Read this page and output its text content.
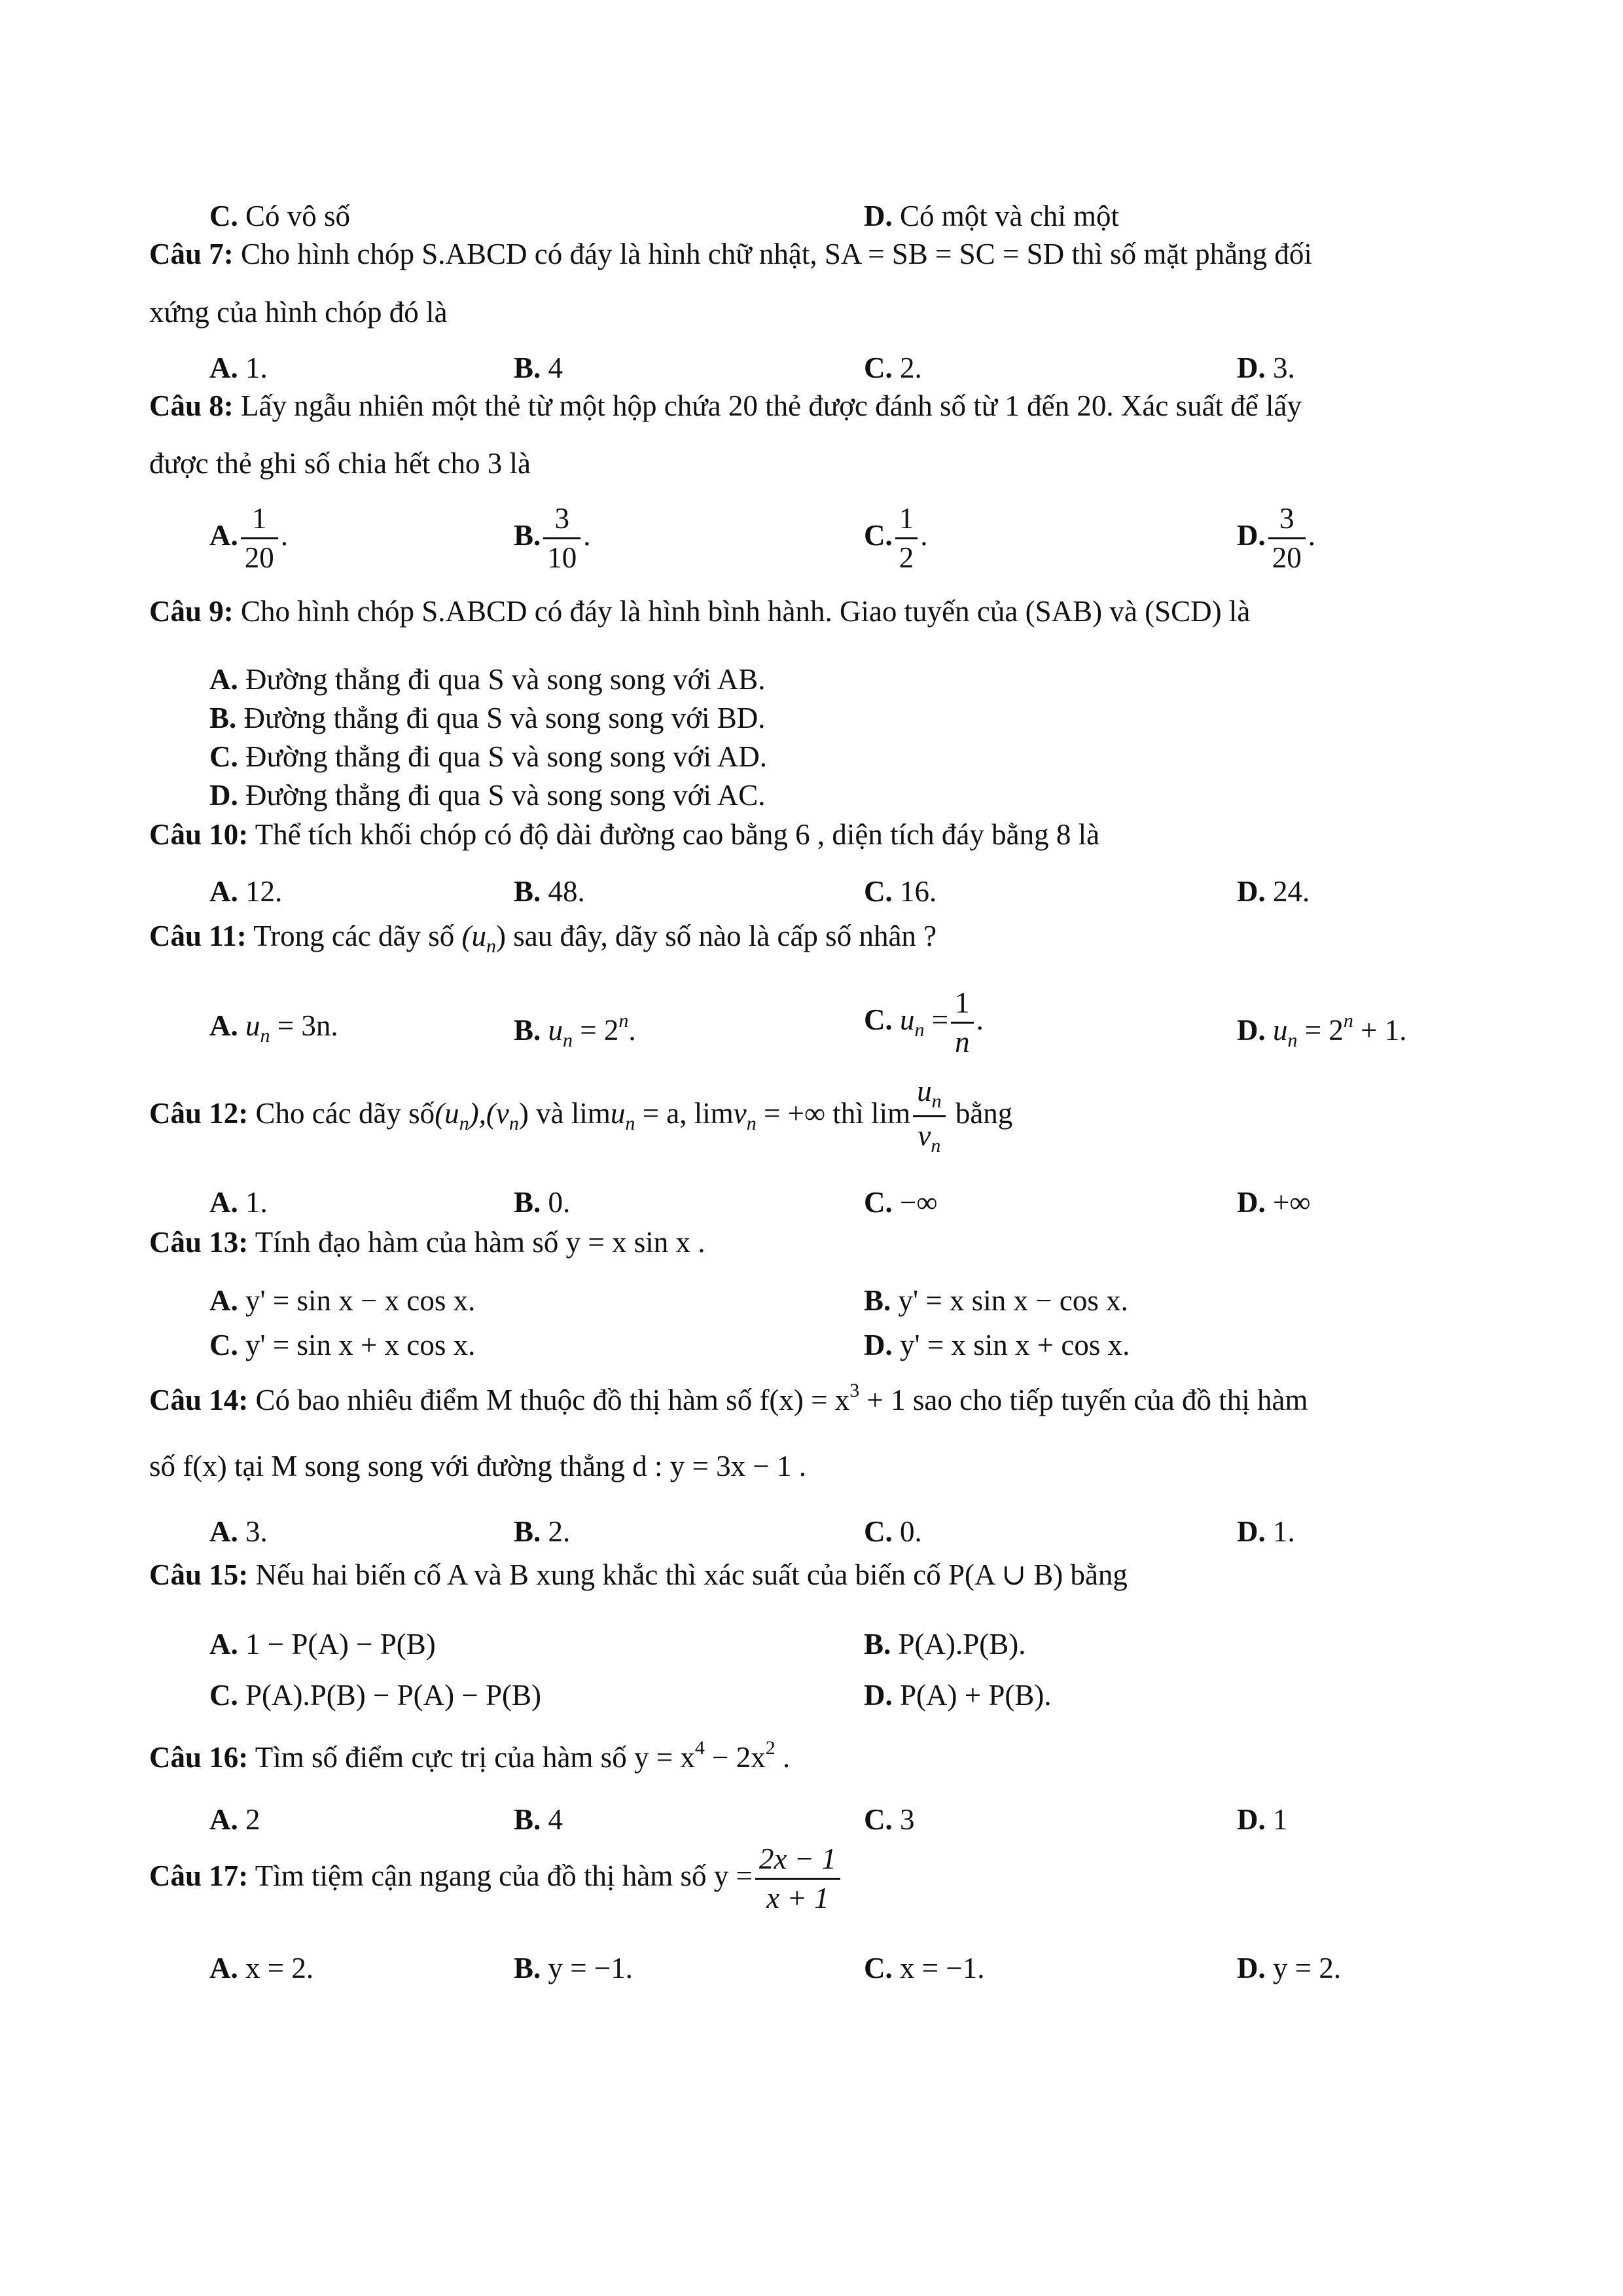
C. Có vô số	D. Có một và chỉ một
Câu 7: Cho hình chóp S.ABCD có đáy là hình chữ nhật, SA = SB = SC = SD thì số mặt phẳng đối
xứng của hình chóp đó là
A. 1.	B. 4	C. 2.	D. 3.
Câu 8: Lấy ngẫu nhiên một thẻ từ một hộp chứa 20 thẻ được đánh số từ 1 đến 20. Xác suất để lấy
được thẻ ghi số chia hết cho 3 là
A. $\frac{1}{20}$ .	B. $\frac{3}{10}$ .	C. $\frac{1}{2}$ .	D. $\frac{3}{20}$ .
Câu 9: Cho hình chóp S.ABCD có đáy là hình bình hành. Giao tuyến của (SAB) và (SCD) là
A. Đường thẳng đi qua S và song song với AB.
B. Đường thẳng đi qua S và song song với BD.
C. Đường thẳng đi qua S và song song với AD.
D. Đường thẳng đi qua S và song song với AC.
Câu 10: Thể tích khối chóp có độ dài đường cao bằng 6 , diện tích đáy bằng 8 là
A. 12.	B. 48.	C. 16.	D. 24.
Câu 11: Trong các dãy số $(u_n)$ sau đây, dãy số nào là cấp số nhân ?
A. $u_n = 3n$.	B. $u_n = 2^n$.	C. $u_n = \frac{1}{n}$ .	D. $u_n = 2^n + 1$.
Câu 12: Cho các dãy $số(u_n),(v_n)$ và limu$_n$ = a, limv$_n$ = +∞ thì $\lim \frac{u_n}{v_n}$ bằng
A. 1.	B. 0.	C. −∞	D. +∞
Câu 13: Tính đạo hàm của hàm số y = x sin x .
A. y' = sin x − x cos x.	B. y' = x sin x − cos x.
C. y' = sin x + x cos x.	D. y' = x sin x + cos x.
Câu 14: Có bao nhiêu điểm M thuộc đồ thị hàm số $f(x) = x^3 + 1$ sao cho tiếp tuyến của đồ thị hàm
số f(x) tại M song song với đường thẳng d : y = 3x − 1 .
A. 3.	B. 2.	C. 0.	D. 1.
Câu 15: Nếu hai biến cố A và B xung khắc thì xác suất của biến cố P(A ∪ B) bằng
A. 1 − P(A) − P(B)	B. P(A).P(B).
C. P(A).P(B) − P(A) − P(B)	D. P(A) + P(B).
Câu 16: Tìm số điểm cực trị của hàm số $y = x^4 - 2x^2$ .
A. 2	B. 4	C. 3	D. 1
Câu 17: Tìm tiệm cận ngang của đồ thị hàm số $y = \frac{2x - 1}{x + 1}$
A. x = 2.	B. y = −1.	C. x = −1.	D. y = 2.
